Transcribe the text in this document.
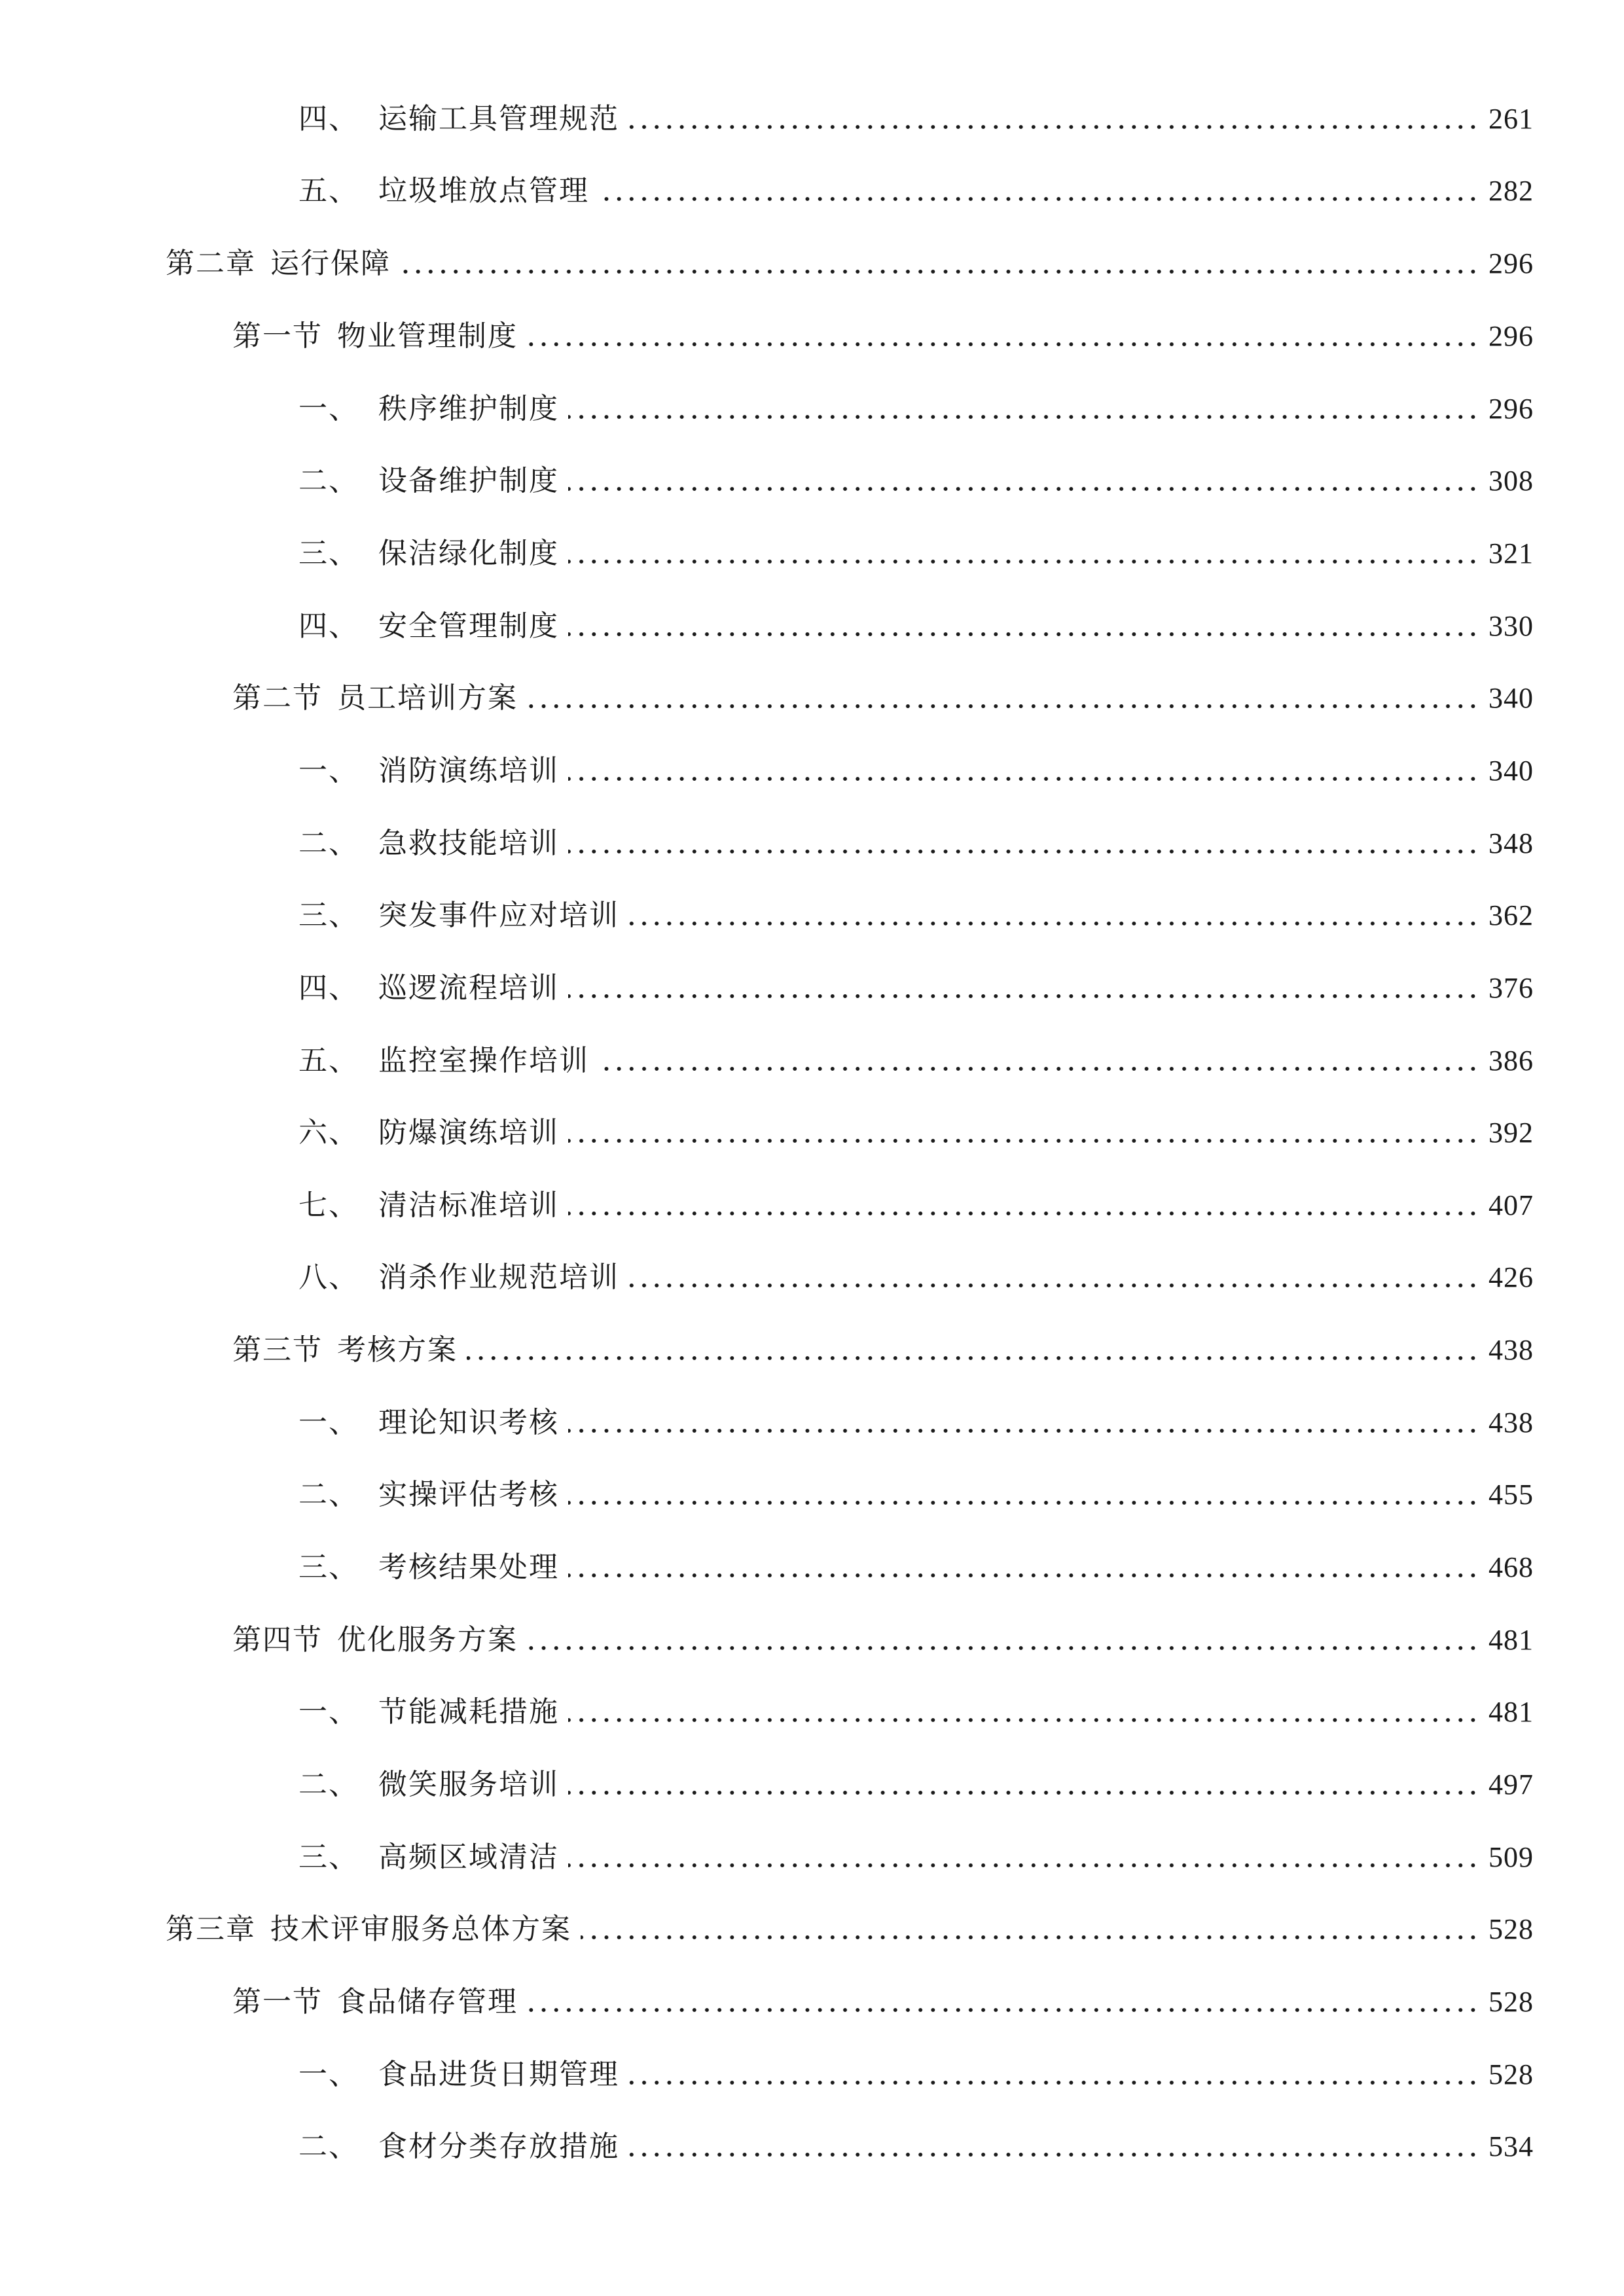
四、 运输工具管理规范	261
五、 垃圾堆放点管理	282
第二章 运行保障	296
第一节 物业管理制度	296
一、 秩序维护制度	296
二、 设备维护制度	308
三、 保洁绿化制度	321
四、 安全管理制度	330
第二节 员工培训方案	340
一、 消防演练培训	340
二、 急救技能培训	348
三、 突发事件应对培训	362
四、 巡逻流程培训	376
五、 监控室操作培训	386
六、 防爆演练培训	392
七、 清洁标准培训	407
八、 消杀作业规范培训	426
第三节 考核方案	438
一、 理论知识考核	438
二、 实操评估考核	455
三、 考核结果处理	468
第四节 优化服务方案	481
一、 节能减耗措施	481
二、 微笑服务培训	497
三、 高频区域清洁	509
第三章 技术评审服务总体方案	528
第一节 食品储存管理	528
一、 食品进货日期管理	528
二、 食材分类存放措施	534
